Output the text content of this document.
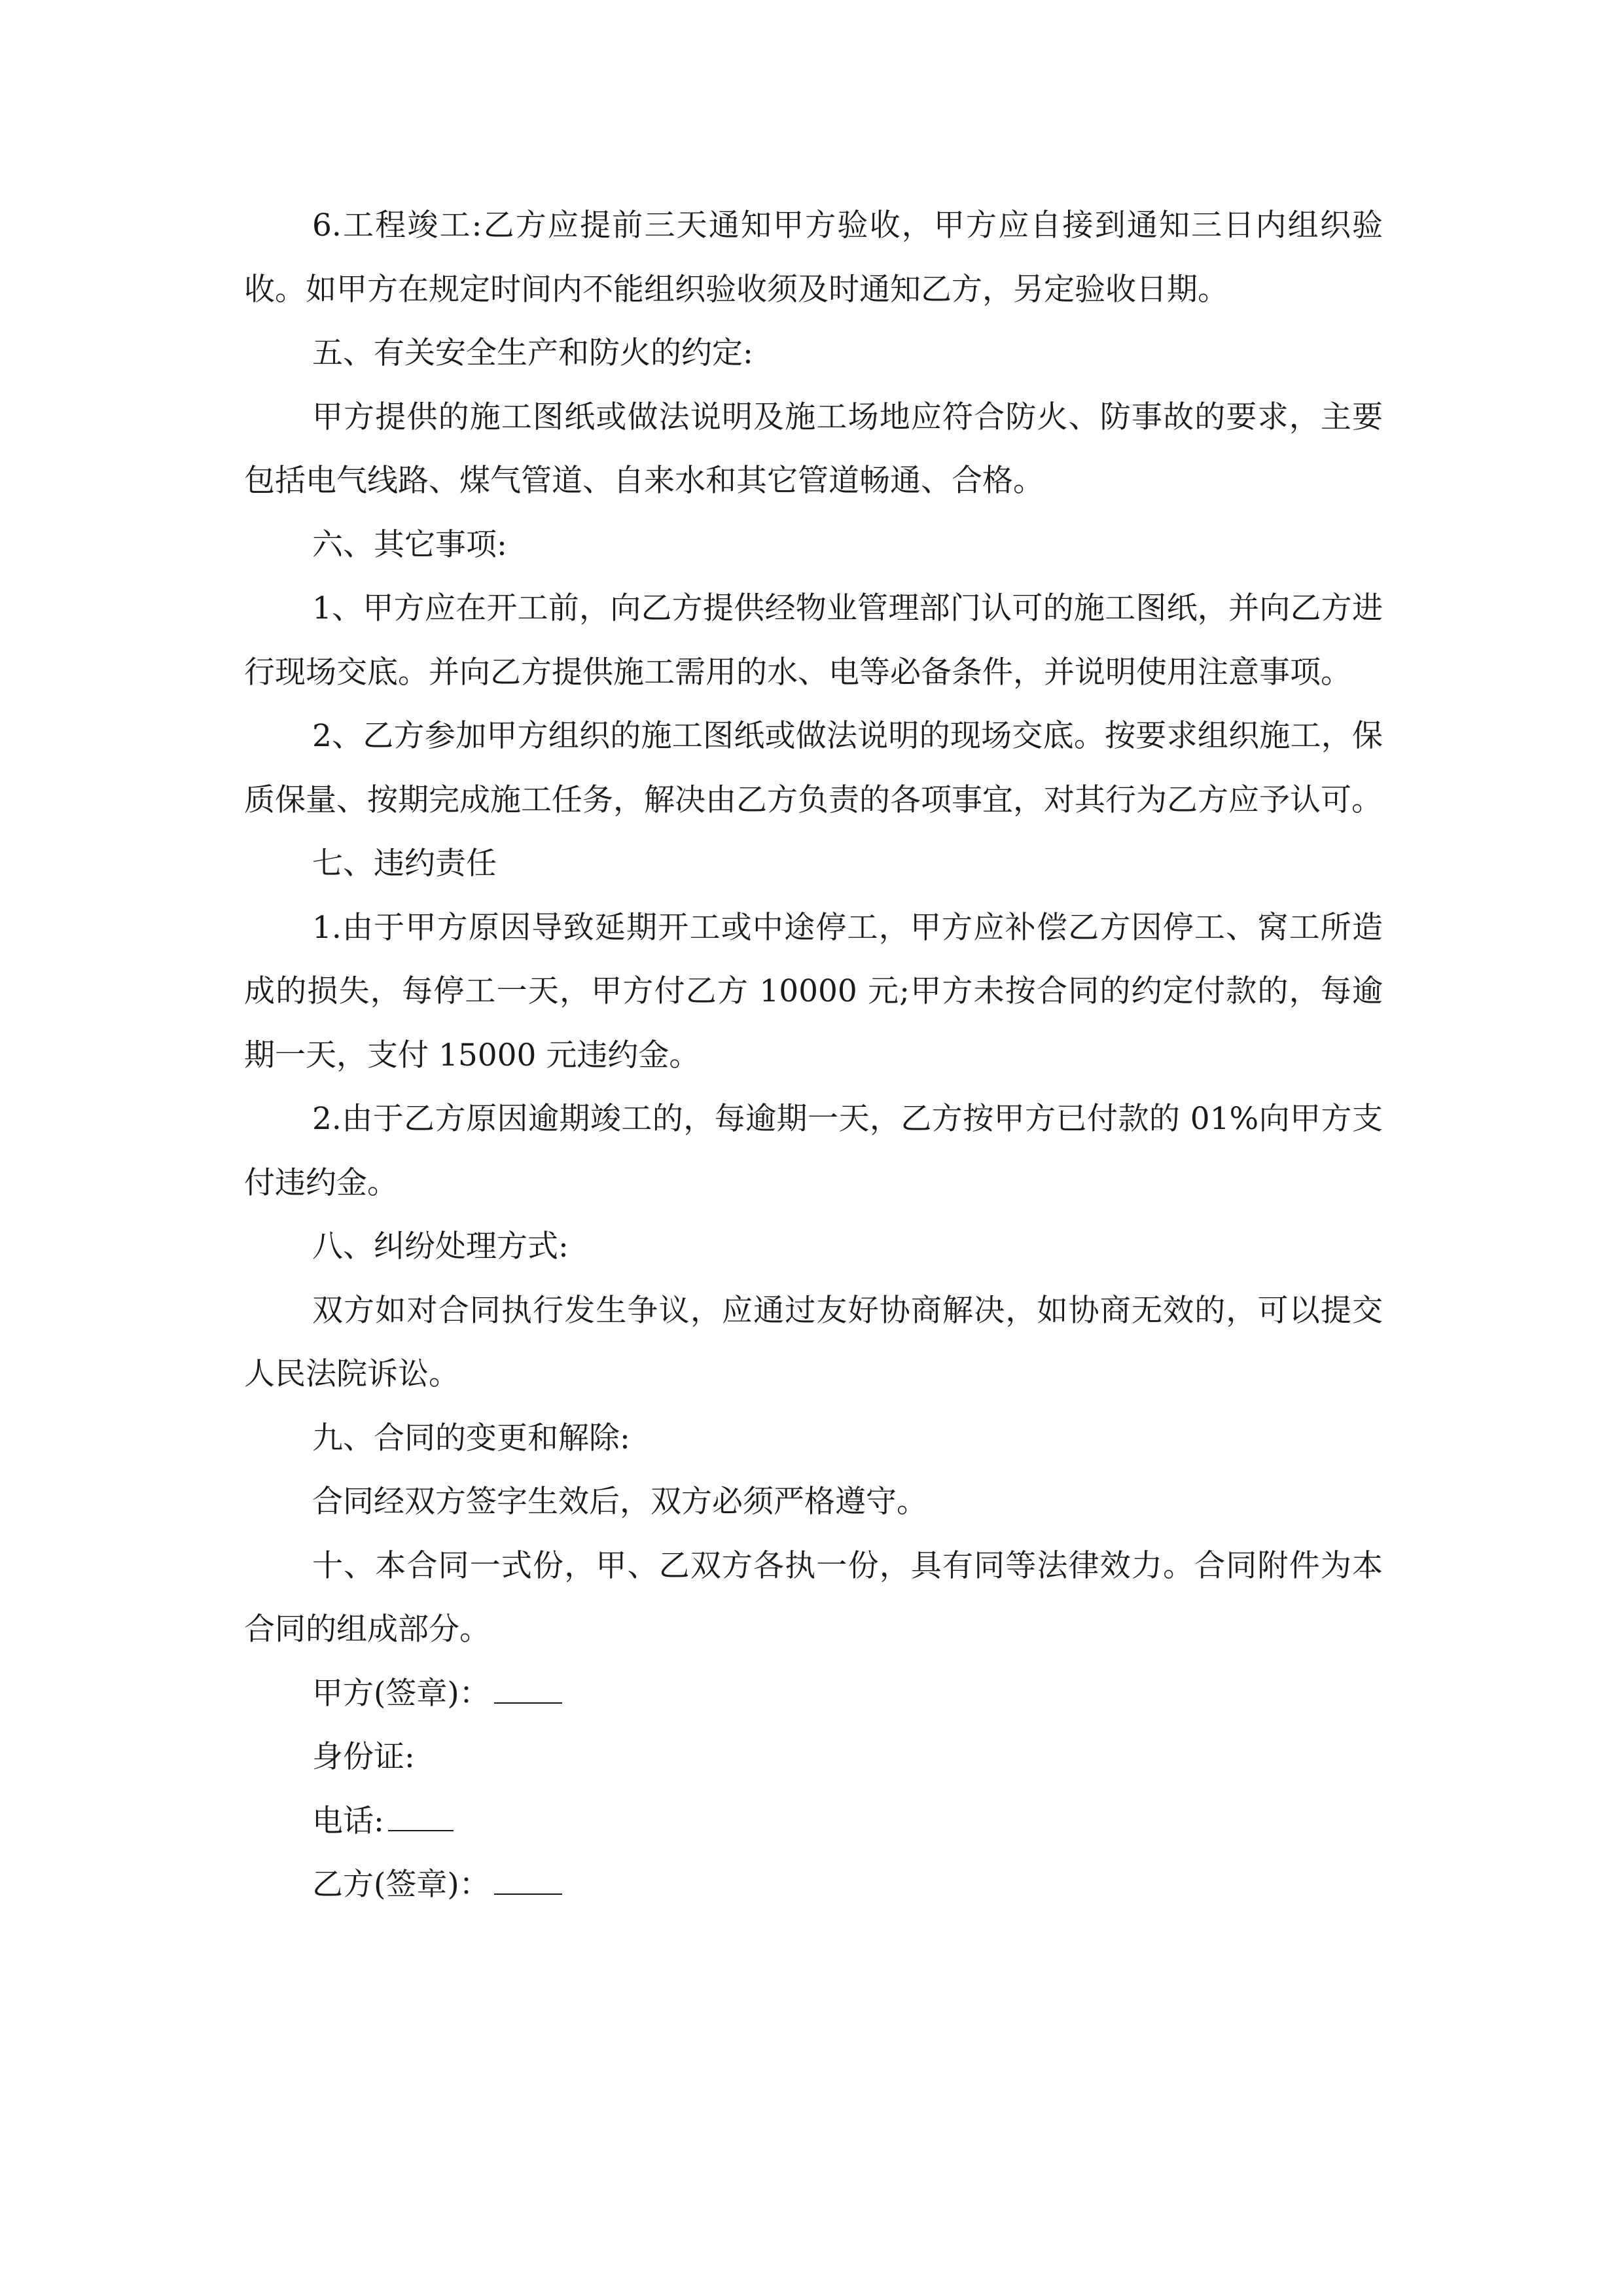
6.工程竣工:乙方应提前三天通知甲方验收，甲方应自接到通知三日内组织验收。如甲方在规定时间内不能组织验收须及时通知乙方，另定验收日期。

五、有关安全生产和防火的约定:

甲方提供的施工图纸或做法说明及施工场地应符合防火、防事故的要求，主要包括电气线路、煤气管道、自来水和其它管道畅通、合格。

六、其它事项:

1、甲方应在开工前，向乙方提供经物业管理部门认可的施工图纸，并向乙方进行现场交底。并向乙方提供施工需用的水、电等必备条件，并说明使用注意事项。

2、乙方参加甲方组织的施工图纸或做法说明的现场交底。按要求组织施工，保质保量、按期完成施工任务，解决由乙方负责的各项事宜，对其行为乙方应予认可。

七、违约责任

1.由于甲方原因导致延期开工或中途停工，甲方应补偿乙方因停工、窝工所造成的损失，每停工一天，甲方付乙方 10000 元;甲方未按合同的约定付款的，每逾期一天，支付 15000 元违约金。

2.由于乙方原因逾期竣工的，每逾期一天，乙方按甲方已付款的 01%向甲方支付违约金。

八、纠纷处理方式:

双方如对合同执行发生争议，应通过友好协商解决，如协商无效的，可以提交人民法院诉讼。

九、合同的变更和解除:

合同经双方签字生效后，双方必须严格遵守。

十、本合同一式份，甲、乙双方各执一份，具有同等法律效力。合同附件为本合同的组成部分。

甲方(签章)：
身份证:
电话:
乙方(签章)：
